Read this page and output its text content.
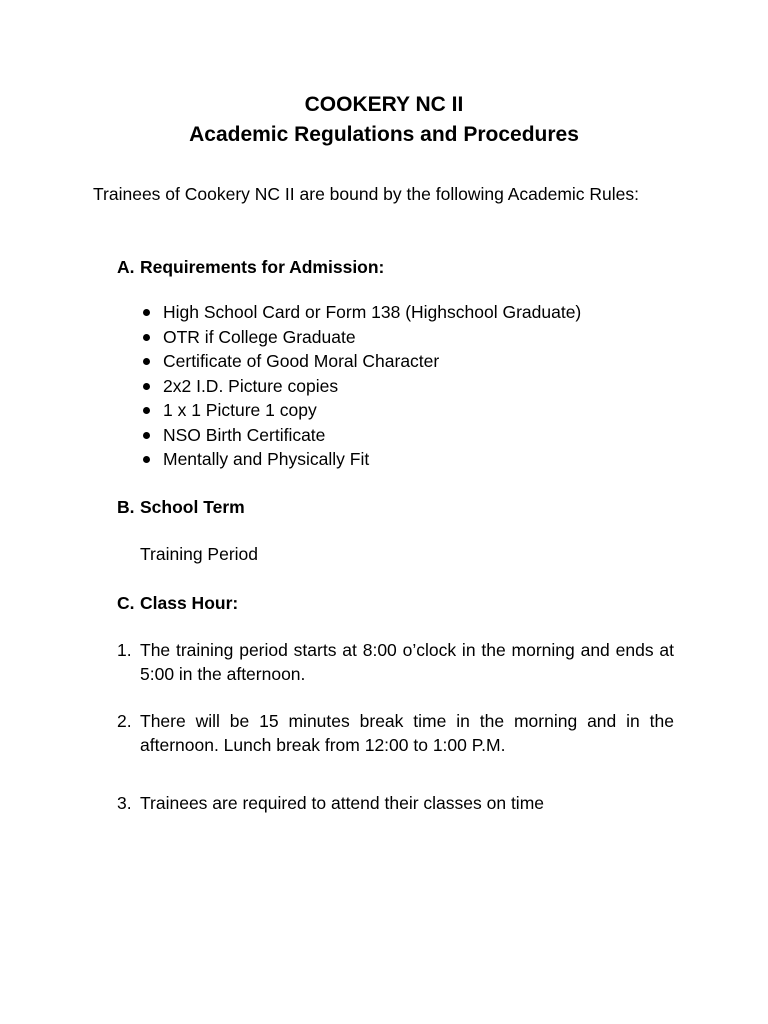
COOKERY NC II
Academic Regulations and Procedures
Trainees of Cookery NC II are bound by the following Academic Rules:
A. Requirements for Admission:
High School Card or Form 138 (Highschool Graduate)
OTR if College Graduate
Certificate of Good Moral Character
2x2 I.D. Picture copies
1 x 1 Picture 1 copy
NSO Birth Certificate
Mentally and Physically Fit
B. School Term
Training Period
C. Class Hour:
1. The training period starts at 8:00 o’clock in the morning and ends at 5:00 in the afternoon.
2. There will be 15 minutes break time in the morning and in the afternoon. Lunch break from 12:00 to 1:00 P.M.
3. Trainees are required to attend their classes on time
